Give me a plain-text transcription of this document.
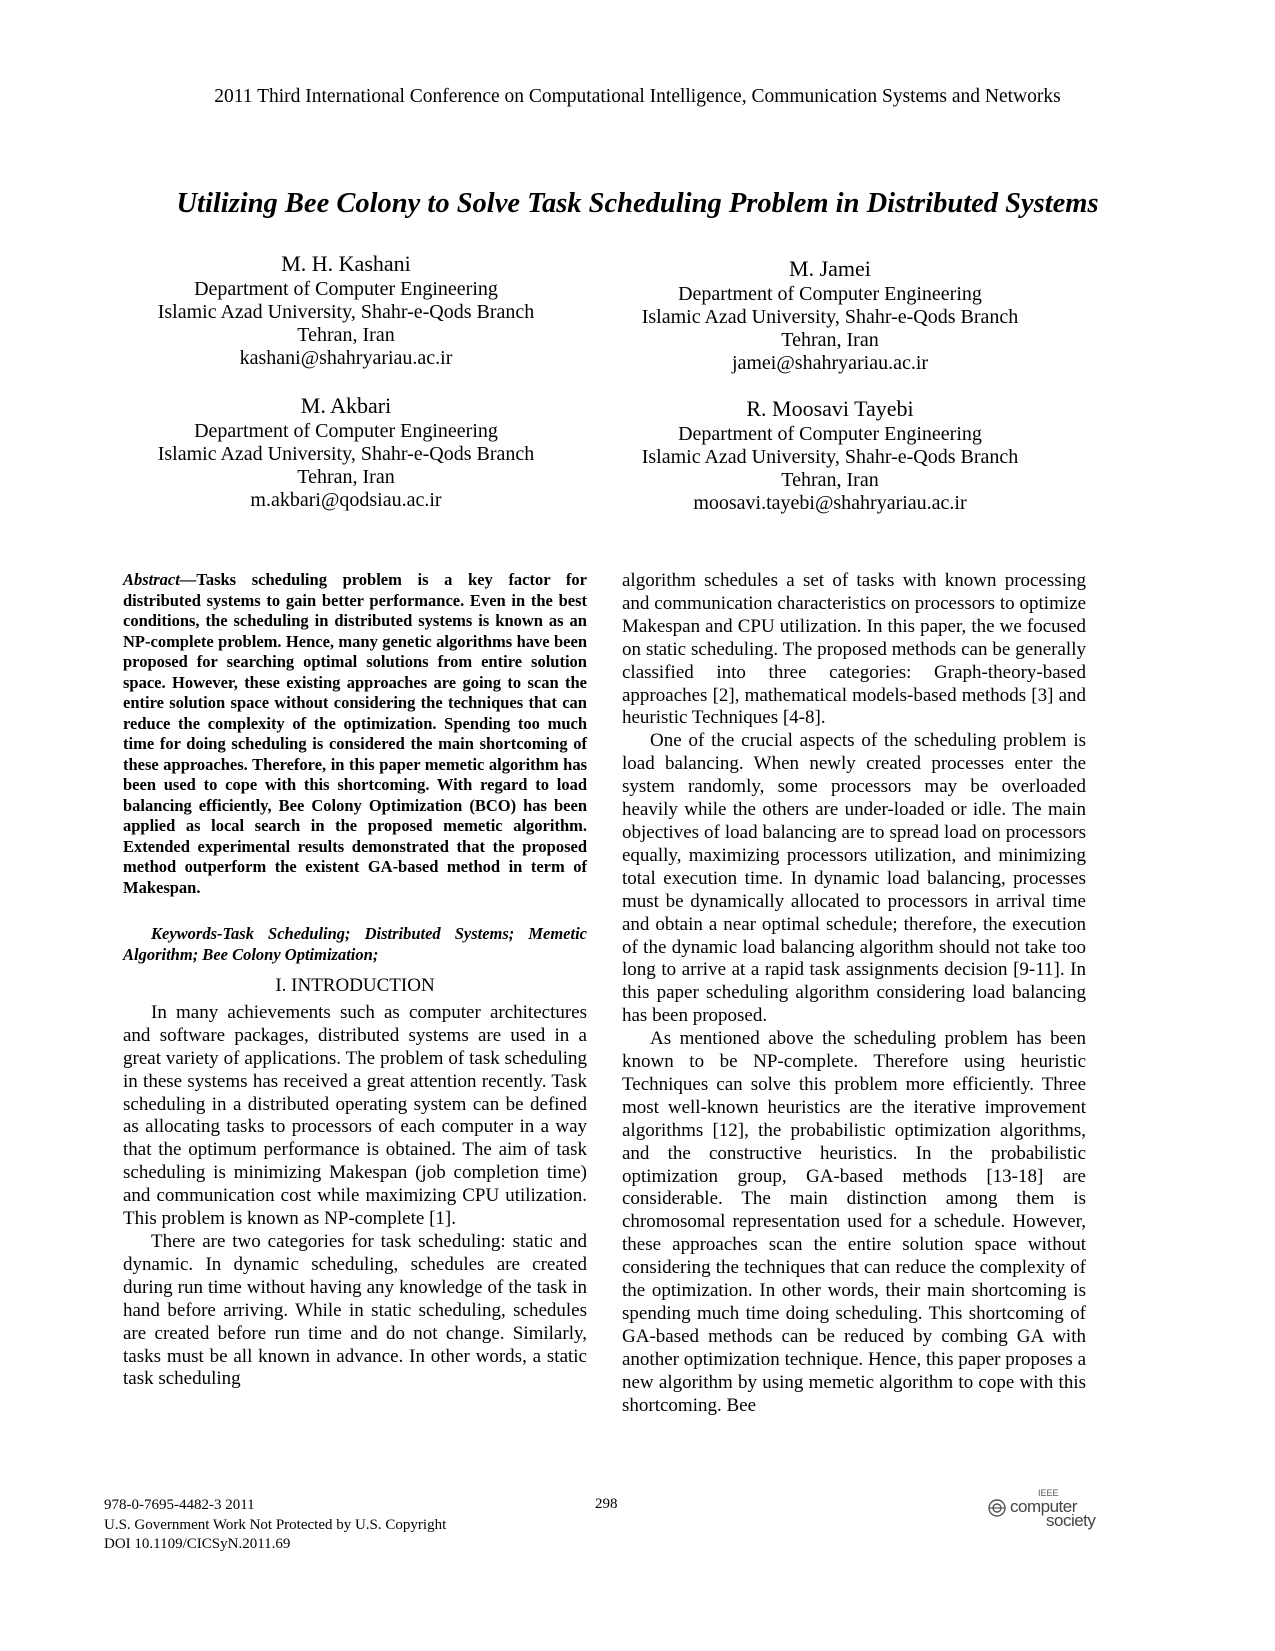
2011 Third International Conference on Computational Intelligence, Communication Systems and Networks
Utilizing Bee Colony to Solve Task Scheduling Problem in Distributed Systems
M. H. Kashani
Department of Computer Engineering
Islamic Azad University, Shahr-e-Qods Branch
Tehran, Iran
kashani@shahryariau.ac.ir
M. Jamei
Department of Computer Engineering
Islamic Azad University, Shahr-e-Qods Branch
Tehran, Iran
jamei@shahryariau.ac.ir
M. Akbari
Department of Computer Engineering
Islamic Azad University, Shahr-e-Qods Branch
Tehran, Iran
m.akbari@qodsiau.ac.ir
R. Moosavi Tayebi
Department of Computer Engineering
Islamic Azad University, Shahr-e-Qods Branch
Tehran, Iran
moosavi.tayebi@shahryariau.ac.ir

Abstract—Tasks scheduling problem is a key factor for distributed systems to gain better performance. Even in the best conditions, the scheduling in distributed systems is known as an NP-complete problem. Hence, many genetic algorithms have been proposed for searching optimal solutions from entire solution space. However, these existing approaches are going to scan the entire solution space without considering the techniques that can reduce the complexity of the optimization. Spending too much time for doing scheduling is considered the main shortcoming of these approaches. Therefore, in this paper memetic algorithm has been used to cope with this shortcoming. With regard to load balancing efficiently, Bee Colony Optimization (BCO) has been applied as local search in the proposed memetic algorithm. Extended experimental results demonstrated that the proposed method outperform the existent GA-based method in term of Makespan.

Keywords-Task Scheduling; Distributed Systems; Memetic Algorithm; Bee Colony Optimization;

I. INTRODUCTION

In many achievements such as computer architectures and software packages, distributed systems are used in a great variety of applications. The problem of task scheduling in these systems has received a great attention recently. Task scheduling in a distributed operating system can be defined as allocating tasks to processors of each computer in a way that the optimum performance is obtained. The aim of task scheduling is minimizing Makespan (job completion time) and communication cost while maximizing CPU utilization. This problem is known as NP-complete [1].

There are two categories for task scheduling: static and dynamic. In dynamic scheduling, schedules are created during run time without having any knowledge of the task in hand before arriving. While in static scheduling, schedules are created before run time and do not change. Similarly, tasks must be all known in advance. In other words, a static task scheduling

algorithm schedules a set of tasks with known processing and communication characteristics on processors to optimize Makespan and CPU utilization. In this paper, the we focused on static scheduling. The proposed methods can be generally classified into three categories: Graph-theory-based approaches [2], mathematical models-based methods [3] and heuristic Techniques [4-8].

One of the crucial aspects of the scheduling problem is load balancing. When newly created processes enter the system randomly, some processors may be overloaded heavily while the others are under-loaded or idle. The main objectives of load balancing are to spread load on processors equally, maximizing processors utilization, and minimizing total execution time. In dynamic load balancing, processes must be dynamically allocated to processors in arrival time and obtain a near optimal schedule; therefore, the execution of the dynamic load balancing algorithm should not take too long to arrive at a rapid task assignments decision [9-11]. In this paper scheduling algorithm considering load balancing has been proposed.

As mentioned above the scheduling problem has been known to be NP-complete. Therefore using heuristic Techniques can solve this problem more efficiently. Three most well-known heuristics are the iterative improvement algorithms [12], the probabilistic optimization algorithms, and the constructive heuristics. In the probabilistic optimization group, GA-based methods [13-18] are considerable. The main distinction among them is chromosomal representation used for a schedule. However, these approaches scan the entire solution space without considering the techniques that can reduce the complexity of the optimization. In other words, their main shortcoming is spending much time doing scheduling. This shortcoming of GA-based methods can be reduced by combing GA with another optimization technique. Hence, this paper proposes a new algorithm by using memetic algorithm to cope with this shortcoming. Bee

978-0-7695-4482-3 2011
U.S. Government Work Not Protected by U.S. Copyright
DOI 10.1109/CICSyN.2011.69
298
IEEE
computer
society
